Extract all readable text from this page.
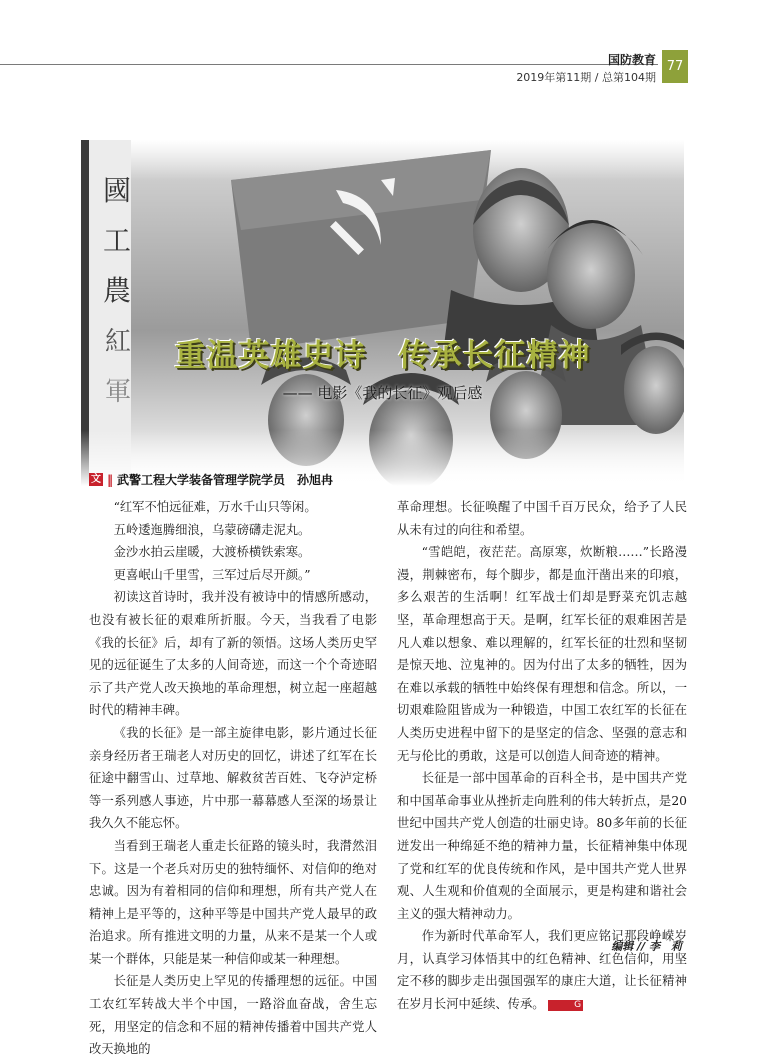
国防教育
2019年第11期 / 总第104期
77
國
工
農
紅
軍
重温英雄史诗　传承长征精神
—— 电影《我的长征》观后感
文 ‖ 武警工程大学装备管理学院学员　孙旭冉

“红军不怕远征难，万水千山只等闲。

五岭逶迤腾细浪，乌蒙磅礴走泥丸。

金沙水拍云崖暖，大渡桥横铁索寒。

更喜岷山千里雪，三军过后尽开颜。”

初读这首诗时，我并没有被诗中的情感所感动，也没有被长征的艰难所折服。今天，当我看了电影《我的长征》后，却有了新的领悟。这场人类历史罕见的远征诞生了太多的人间奇迹，而这一个个奇迹昭示了共产党人改天换地的革命理想，树立起一座超越时代的精神丰碑。

《我的长征》是一部主旋律电影，影片通过长征亲身经历者王瑞老人对历史的回忆，讲述了红军在长征途中翻雪山、过草地、解救贫苦百姓、飞夺泸定桥等一系列感人事迹，片中那一幕幕感人至深的场景让我久久不能忘怀。

当看到王瑞老人重走长征路的镜头时，我潸然泪下。这是一个老兵对历史的独特缅怀、对信仰的绝对忠诚。因为有着相同的信仰和理想，所有共产党人在精神上是平等的，这种平等是中国共产党人最早的政治追求。所有推进文明的力量，从来不是某一个人或某一个群体，只能是某一种信仰或某一种理想。

长征是人类历史上罕见的传播理想的远征。中国工农红军转战大半个中国，一路浴血奋战，舍生忘死，用坚定的信念和不屈的精神传播着中国共产党人改天换地的

革命理想。长征唤醒了中国千百万民众，给予了人民从未有过的向往和希望。

“雪皑皑，夜茫茫。高原寒，炊断粮……”长路漫漫，荆棘密布，每个脚步，都是血汗凿出来的印痕，多么艰苦的生活啊！红军战士们却是野菜充饥志越坚，革命理想高于天。是啊，红军长征的艰难困苦是凡人难以想象、难以理解的，红军长征的壮烈和坚韧是惊天地、泣鬼神的。因为付出了太多的牺牲，因为在难以承载的牺牲中始终保有理想和信念。所以，一切艰难险阻皆成为一种锻造，中国工农红军的长征在人类历史进程中留下的是坚定的信念、坚强的意志和无与伦比的勇敢，这是可以创造人间奇迹的精神。

长征是一部中国革命的百科全书，是中国共产党和中国革命事业从挫折走向胜利的伟大转折点，是20世纪中国共产党人创造的壮丽史诗。80多年前的长征迸发出一种绵延不绝的精神力量，长征精神集中体现了党和红军的优良传统和作风，是中国共产党人世界观、人生观和价值观的全面展示，更是构建和谐社会主义的强大精神动力。

作为新时代革命军人，我们更应铭记那段峥嵘岁月，认真学习体悟其中的红色精神、红色信仰，用坚定不移的脚步走出强国强军的康庄大道，让长征精神在岁月长河中延续、传承。	G

编辑 // 李　莉
